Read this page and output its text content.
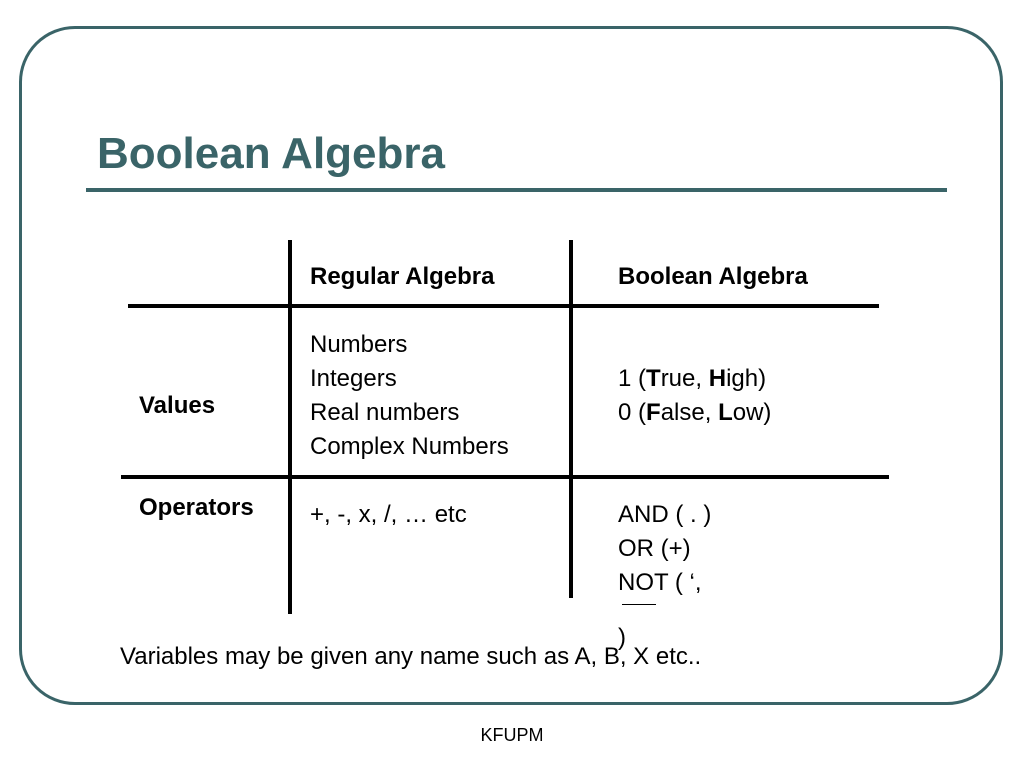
Boolean Algebra
Regular Algebra	Boolean Algebra
Values
Numbers
Integers
Real numbers
Complex Numbers
1 (True, High)
0 (False, Low)
Operators +, -, x, /, … etc	AND ( . )
OR (+)
NOT ( ‘,
)
Variables may be given any name such as A, B, X etc..
KFUPM
